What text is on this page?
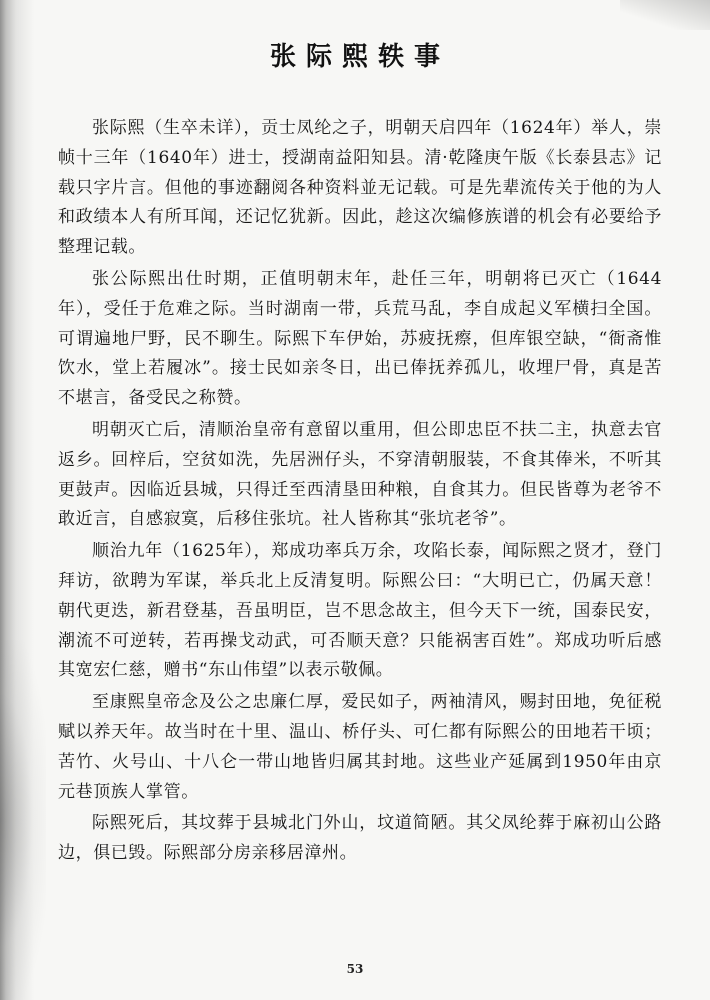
张际熙轶事

张际熙（生卒未详），贡士凤纶之子，明朝天启四年（1624年）举人，崇帧十三年（1640年）进士，授湖南益阳知县。清·乾隆庚午版《长泰县志》记载只字片言。但他的事迹翻阅各种资料並无记载。可是先辈流传关于他的为人和政绩本人有所耳闻，还记忆犹新。因此，趁这次编修族谱的机会有必要给予整理记载。

张公际熙出仕时期，正值明朝末年，赴任三年，明朝将已灭亡（1644年），受任于危难之际。当时湖南一带，兵荒马乱，李自成起义军横扫全国。可谓遍地尸野，民不聊生。际熙下车伊始，苏疲抚瘵，但库银空缺，“衙斋惟饮水，堂上若履冰”。接士民如亲冬日，出已俸抚养孤儿，收埋尸骨，真是苦不堪言，备受民之称赞。

明朝灭亡后，清顺治皇帝有意留以重用，但公即忠臣不扶二主，执意去官返乡。回梓后，空贫如洗，先居洲仔头，不穿清朝服装，不食其俸米，不听其更鼓声。因临近县城，只得迁至西清垦田种粮，自食其力。但民皆尊为老爷不敢近言，自感寂寞，后移住张坑。社人皆称其“张坑老爷”。

顺治九年（1625年），郑成功率兵万余，攻陷长泰，闻际熙之贤才，登门拜访，欲聘为军谋，举兵北上反清复明。际熙公曰：“大明已亡，仍属天意！朝代更迭，新君登基，吾虽明臣，岂不思念故主，但今天下一统，国泰民安，潮流不可逆转，若再操戈动武，可否顺天意？只能祸害百姓”。郑成功听后感其宽宏仁慈，赠书“东山伟望”以表示敬佩。

至康熙皇帝念及公之忠廉仁厚，爱民如子，两袖清风，赐封田地，免征税赋以养天年。故当时在十里、温山、桥仔头、可仁都有际熙公的田地若干顷；苦竹、火号山、十八仑一带山地皆归属其封地。这些业产延属到1950年由京元巷顶族人掌管。

际熙死后，其坟葬于县城北门外山，坟道简陋。其父凤纶葬于麻初山公路边，俱已毁。际熙部分房亲移居漳州。

53
